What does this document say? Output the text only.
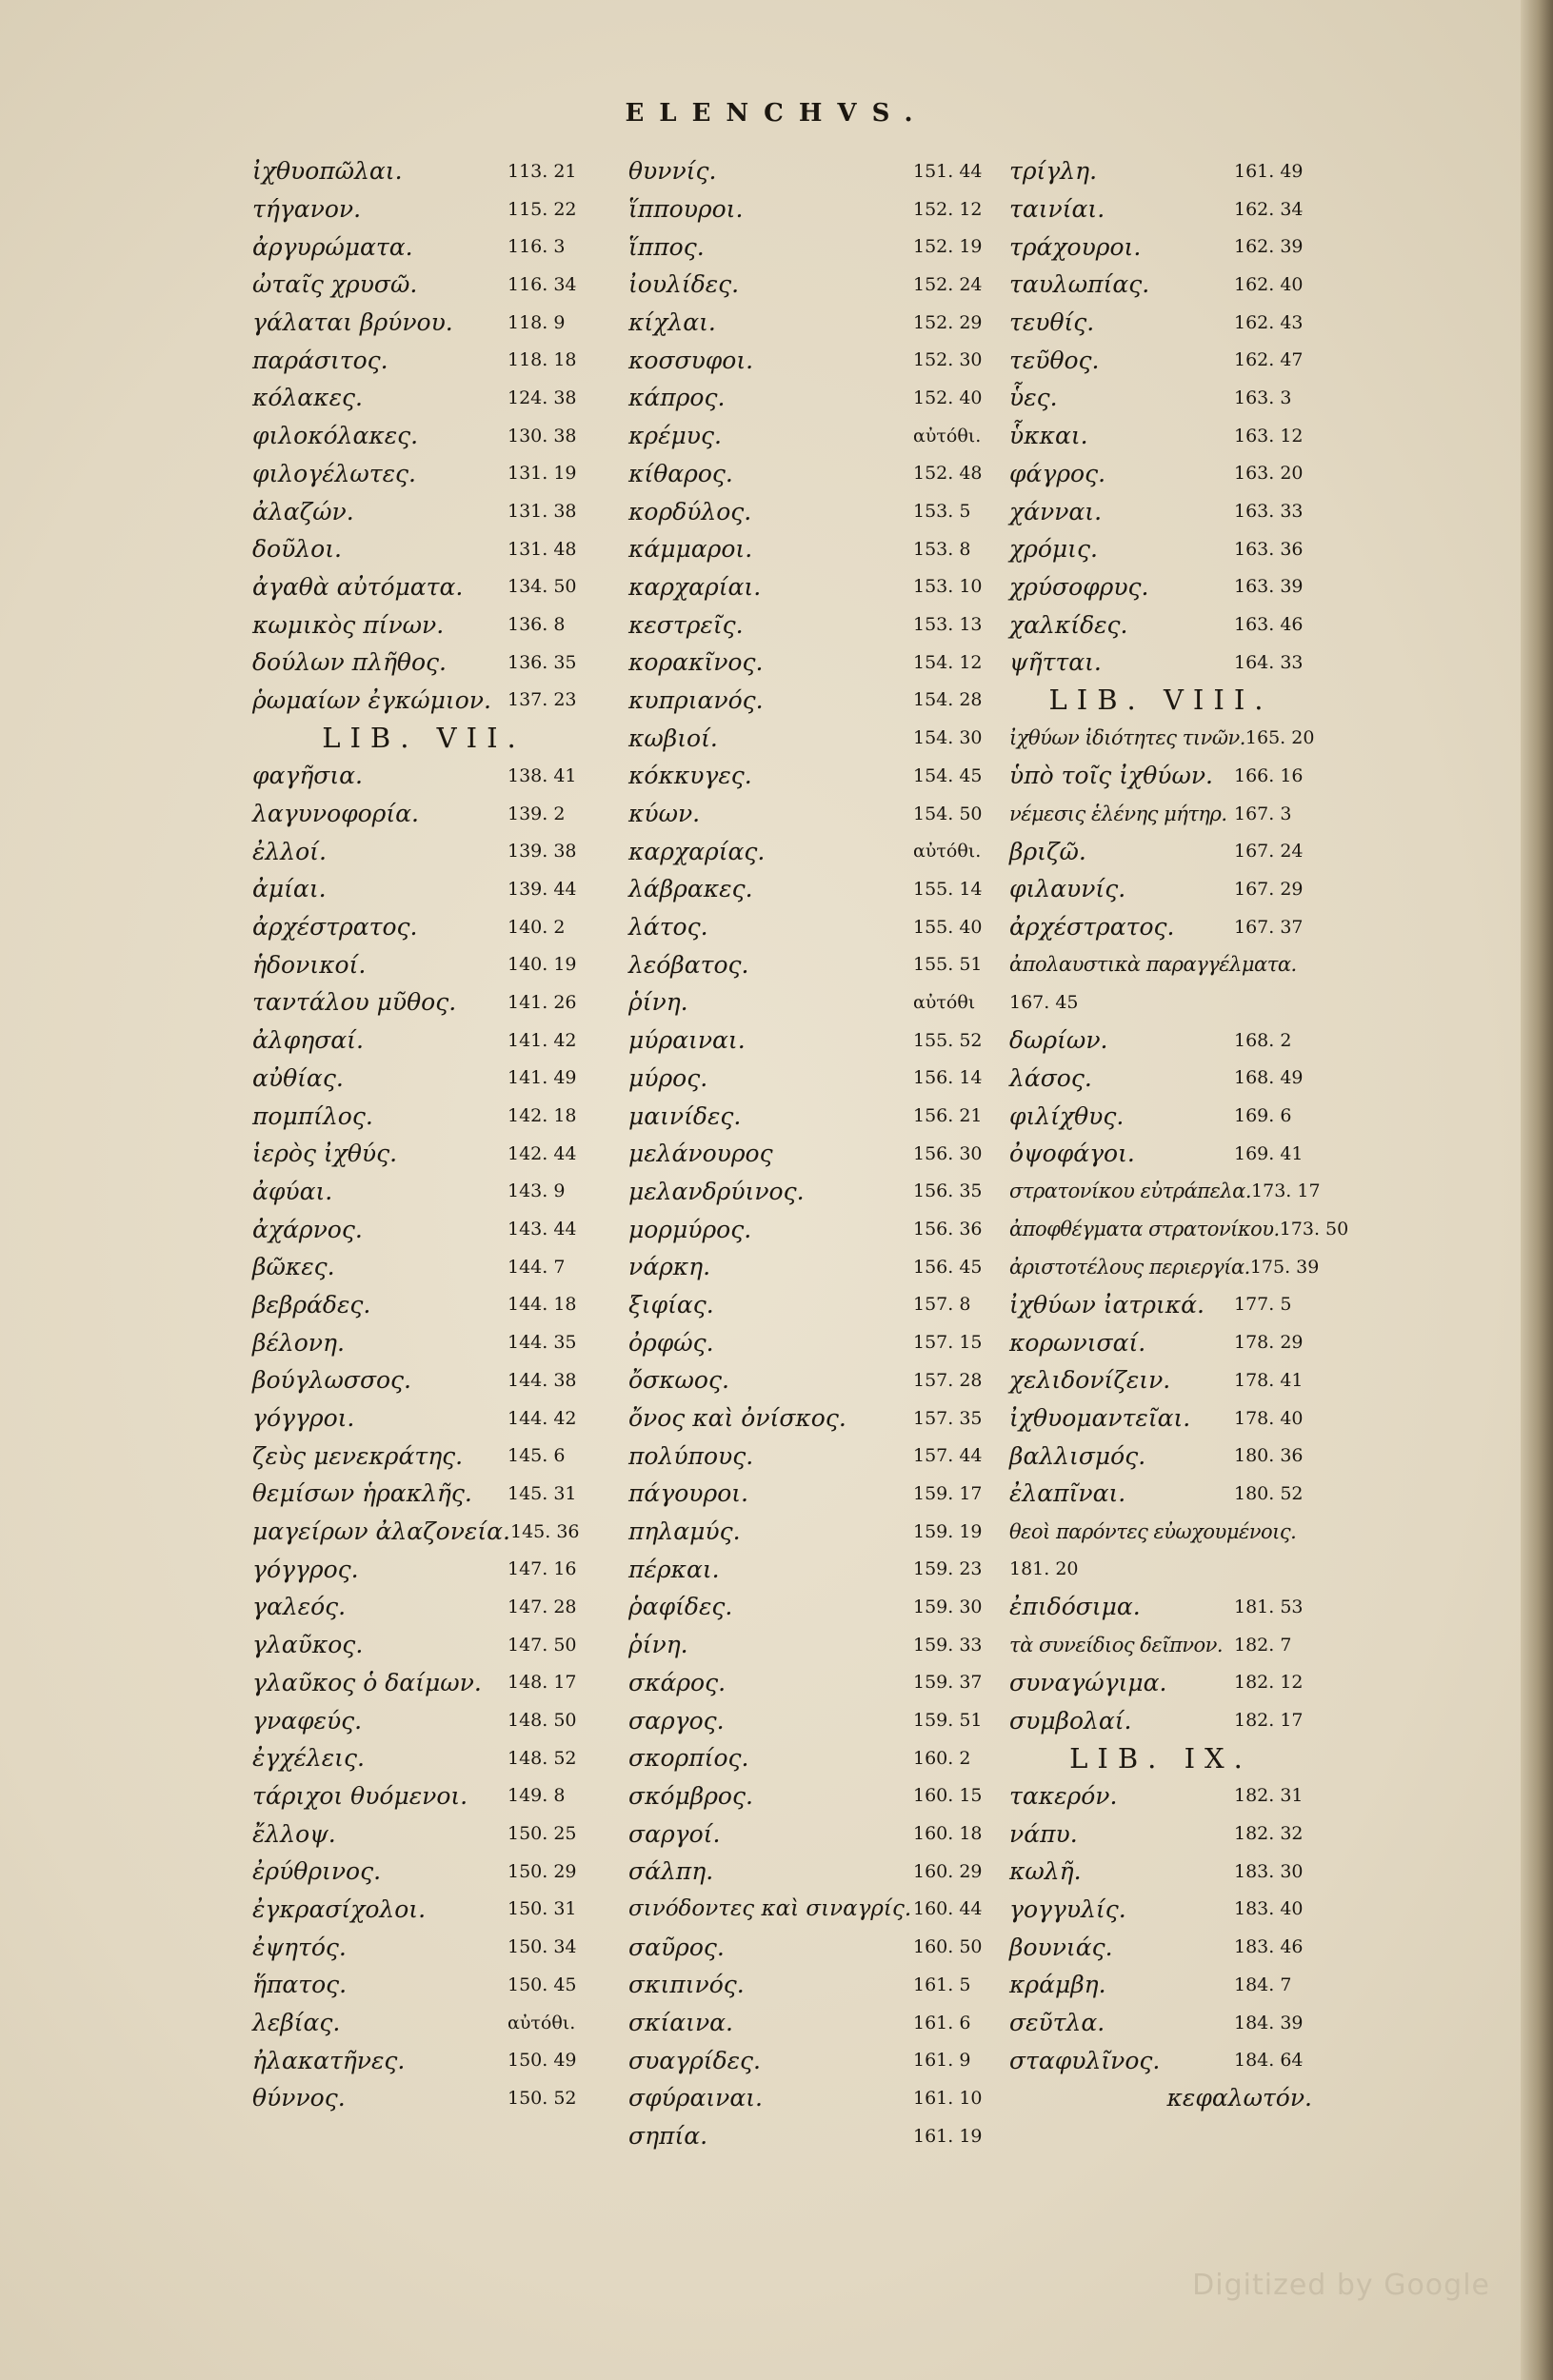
ELENCHVS.
ἰχθυοπῶλαι.	113. 21
τήγανον.	115. 22
ἀργυρώματα.	116. 3
ὠταῖς χρυσῶ.	116. 34
γάλαται βρύνου.	118. 9
παράσιτος.	118. 18
κόλακες.	124. 38
φιλοκόλακες.	130. 38
φιλογέλωτες.	131. 19
ἀλαζών.	131. 38
δοῦλοι.	131. 48
ἀγαθὰ αὐτόματα. 134. 50
κωμικὸς πίνων.	136. 8
δούλων πλῆθος.	136. 35
ῥωμαίων ἐγκώμιον. 137. 23
LIB. VII.
φαγῆσια.	138. 41
λαγυνοφορία.	139. 2
ἐλλοί.	139. 38
ἀμίαι.	139. 44
ἀρχέστρατος.	140. 2
ἡδονικοί.	140. 19
ταντάλου μῦθος.	141. 26
ἀλφησαί.	141. 42
αὐθίας.	141. 49
πομπίλος.	142. 18
ἱερὸς ἰχθύς.	142. 44
ἀφύαι.	143. 9
ἀχάρνος.	143. 44
βῶκες.	144. 7
βεβράδες.	144. 18
βέλονη.	144. 35
βούγλωσσος.	144. 38
γόγγροι.	144. 42
ζεὺς μενεκράτης. 145. 6
θεμίσων ἡρακλῆς. 145. 31
μαγείρων ἀλαζονεία. 145. 36
γόγγρος.	147. 16
γαλεός.	147. 28
γλαῦκος.	147. 50
γλαῦκος ὁ δαίμων. 148. 17
γναφεύς.	148. 50
ἐγχέλεις.	148. 52
τάριχοι θυόμενοι. 149. 8
ἔλλοψ.	150. 25
ἐρύθρινος.	150. 29
ἐγκρασίχολοι.	150. 31
ἐψητός.	150. 34
ἥπατος.	150. 45
λεβίας.	αὐτόθι.
ἠλακατῆνες.	150. 49
θύννος.	150. 52
θυννίς.	151. 44
ἵππουροι.	152. 12
ἵππος.	152. 19
ἰουλίδες.	152. 24
κίχλαι.	152. 29
κοσσυφοι.	152. 30
κάπρος.	152. 40
κρέμυς.	αὐτόθι.
κίθαρος.	152. 48
κορδύλος.	153. 5
κάμμαροι.	153. 8
καρχαρίαι.	153. 10
κεστρεῖς.	153. 13
κορακῖνος.	154. 12
κυπριανός.	154. 28
κωβιοί.	154. 30
κόκκυγες.	154. 45
κύων.	154. 50
καρχαρίας.	αὐτόθι.
λάβρακες.	155. 14
λάτος.	155. 40
λεόβατος.	155. 51
ῥίνη.	αὐτόθι
μύραιναι.	155. 52
μύρος.	156. 14
μαινίδες.	156. 21
μελάνουρος	156. 30
μελανδρύινος.	156. 35
μορμύρος.	156. 36
νάρκη.	156. 45
ξιφίας.	157. 8
ὀρφώς.	157. 15
ὄσκωος.	157. 28
ὄνος καὶ ὀνίσκος.	157. 35
πολύπους.	157. 44
πάγουροι.	159. 17
πηλαμύς.	159. 19
πέρκαι.	159. 23
ῥαφίδες.	159. 30
ῥίνη.	159. 33
σκάρος.	159. 37
σαργος.	159. 51
σκορπίος.	160. 2
σκόμβρος.	160. 15
σαργοί.	160. 18
σάλπη.	160. 29
σινόδοντες καὶ σιναγρίς. 160. 44
σαῦρος.	160. 50
σκιπινός.	161. 5
σκίαινα.	161. 6
συαγρίδες.	161. 9
σφύραιναι.	161. 10
σηπία.	161. 19
τρίγλη.	161. 49
ταινίαι.	162. 34
τράχουροι.	162. 39
ταυλωπίας.	162. 40
τευθίς.	162. 43
τεῦθος.	162. 47
ὗες.	163. 3
ὗκκαι.	163. 12
φάγρος.	163. 20
χάνναι.	163. 33
χρόμις.	163. 36
χρύσοφρυς.	163. 39
χαλκίδες.	163. 46
ψῆτται.	164. 33
LIB. VIII.
ἰχθύων ἰδιότητες τινῶν. 165. 20
ὑπὸ τοῖς ἰχθύων. 166. 16
νέμεσις ἑλένης μήτηρ. 167. 3
βριζῶ.	167. 24
φιλαυνίς.	167. 29
ἀρχέστρατος.	167. 37
ἀπολαυστικὰ παραγγέλματα.
167. 45
δωρίων.	168. 2
λάσος.	168. 49
φιλίχθυς.	169. 6
ὀψοφάγοι.	169. 41
στρατονίκου εὐτράπελα. 173. 17
ἀποφθέγματα στρατονίκου. 173. 50
ἀριστοτέλους περιεργία. 175. 39
ἰχθύων ἰατρικά. 177. 5
κορωνισαί.	178. 29
χελιδονίζειν.	178. 41
ἰχθυομαντεῖαι. 178. 40
βαλλισμός.	180. 36
ἐλαπῖναι.	180. 52
θεοὶ παρόντες εὐωχουμένοις.
181. 20
ἐπιδόσιμα.	181. 53
τὰ συνείδιος δεῖπνον. 182. 7
συναγώγιμα.	182. 12
συμβολαί.	182. 17
LIB. IX.
τακερόν.	182. 31
νάπυ.	182. 32
κωλῆ.	183. 30
γογγυλίς.	183. 40
βουνιάς.	183. 46
κράμβη.	184. 7
σεῦτλα.	184. 39
σταφυλῖνος.	184. 64
κεφαλωτόν.
Digitized by Google
